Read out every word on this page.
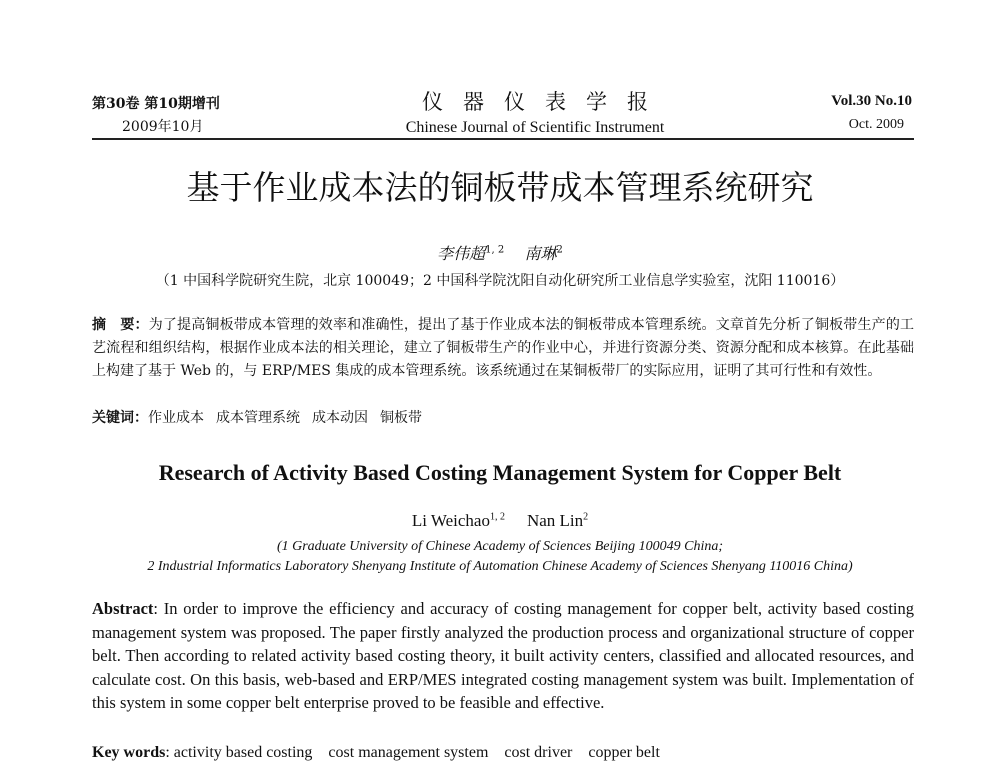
第30卷 第10期增刊
2009年10月
仪器仪表学报
Chinese Journal of Scientific Instrument
Vol.30 No.10
Oct. 2009
基于作业成本法的铜板带成本管理系统研究
李伟超$^{1, 2}$ 南琳$^2$
（1 中国科学院研究生院，北京 100049；2 中国科学院沈阳自动化研究所工业信息学实验室，沈阳 110016）
摘　要：为了提高铜板带成本管理的效率和准确性，提出了基于作业成本法的铜板带成本管理系统。文章首先分析了铜板带生产的工艺流程和组织结构，根据作业成本法的相关理论，建立了铜板带生产的作业中心，并进行资源分类、资源分配和成本核算。在此基础上构建了基于 Web 的，与 ERP/MES 集成的成本管理系统。该系统通过在某铜板带厂的实际应用，证明了其可行性和有效性。
关键词：作业成本 成本管理系统 成本动因 铜板带
Research of Activity Based Costing Management System for Copper Belt
Li Weichao$^{1, 2}$ Nan Lin$^2$
(1 Graduate University of Chinese Academy of Sciences Beijing 100049 China;
2 Industrial Informatics Laboratory Shenyang Institute of Automation Chinese Academy of Sciences Shenyang 110016 China)
Abstract: In order to improve the efficiency and accuracy of costing management for copper belt, activity based costing management system was proposed. The paper firstly analyzed the production process and organizational structure of copper belt. Then according to related activity based costing theory, it built activity centers, classified and allocated resources, and calculate cost. On this basis, web-based and ERP/MES integrated costing management system was built. Implementation of this system in some copper belt enterprise proved to be feasible and effective.
Key words: activity based costing cost management system cost driver copper belt
